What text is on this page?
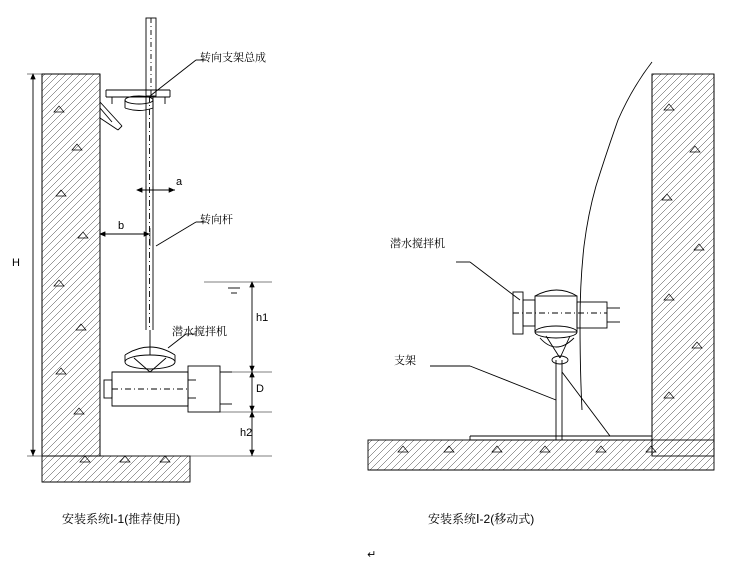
转向支架总成
转向杆
潜水搅拌机
H
a
b
h1
D
h2
潜水搅拌机
支架
安装系统Ⅰ-1(推荐使用)	安装系统Ⅰ-2(移动式)
↵
